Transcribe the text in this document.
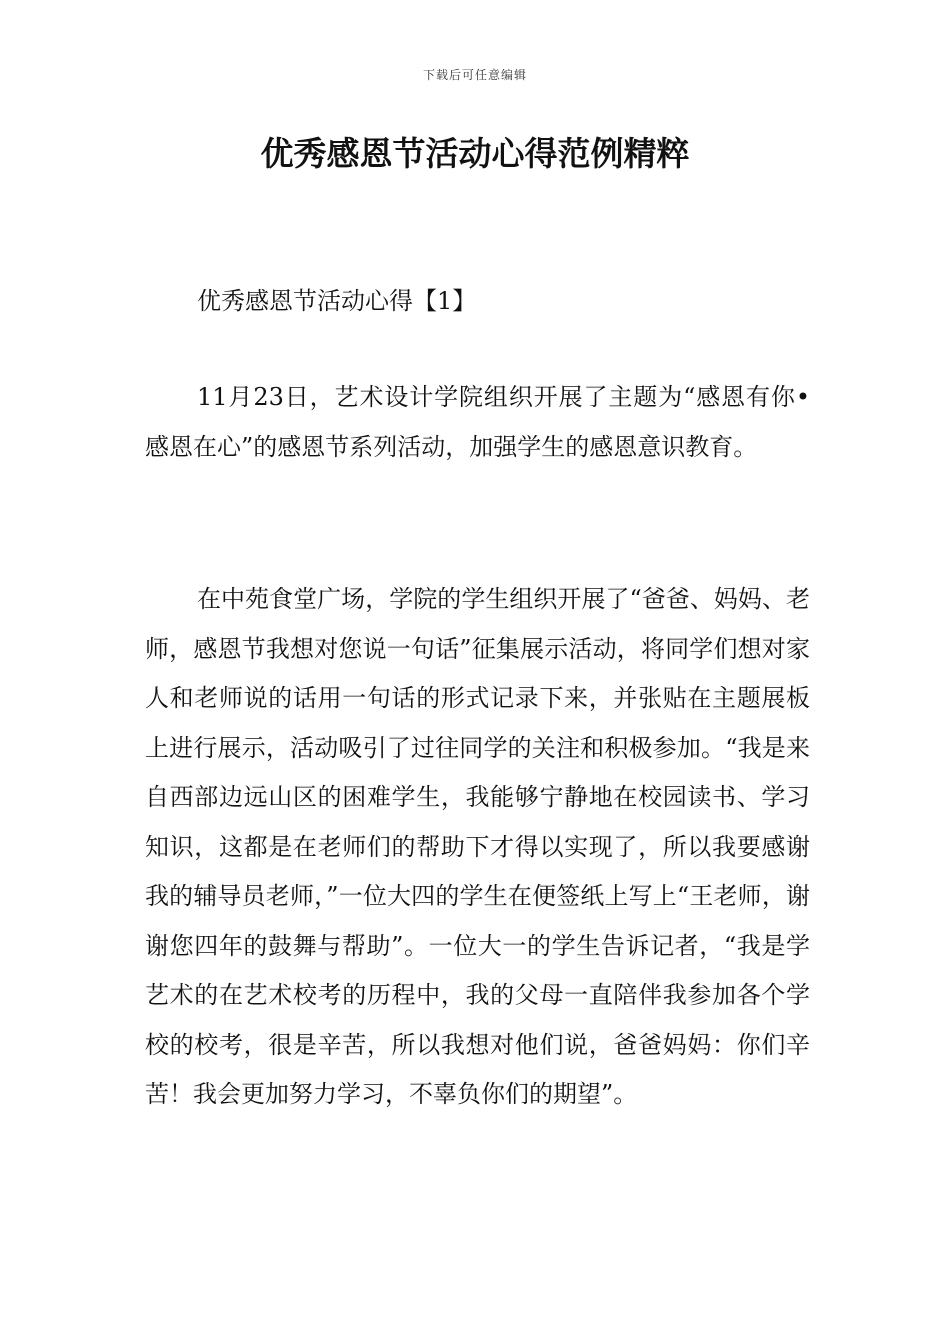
下载后可任意编辑
优秀感恩节活动心得范例精粹

优秀感恩节活动心得【1】

11月23日，艺术设计学院组织开展了主题为“感恩有你•感恩在心”的感恩节系列活动，加强学生的感恩意识教育。

在中苑食堂广场，学院的学生组织开展了“爸爸、妈妈、老师，感恩节我想对您说一句话”征集展示活动，将同学们想对家人和老师说的话用一句话的形式记录下来，并张贴在主题展板上进行展示，活动吸引了过往同学的关注和积极参加。“我是来自西部边远山区的困难学生，我能够宁静地在校园读书、学习知识，这都是在老师们的帮助下才得以实现了，所以我要感谢我的辅导员老师，”一位大四的学生在便签纸上写上“王老师，谢谢您四年的鼓舞与帮助”。一位大一的学生告诉记者，“我是学艺术的在艺术校考的历程中，我的父母一直陪伴我参加各个学校的校考，很是辛苦，所以我想对他们说，爸爸妈妈：你们辛苦！我会更加努力学习，不辜负你们的期望”。
